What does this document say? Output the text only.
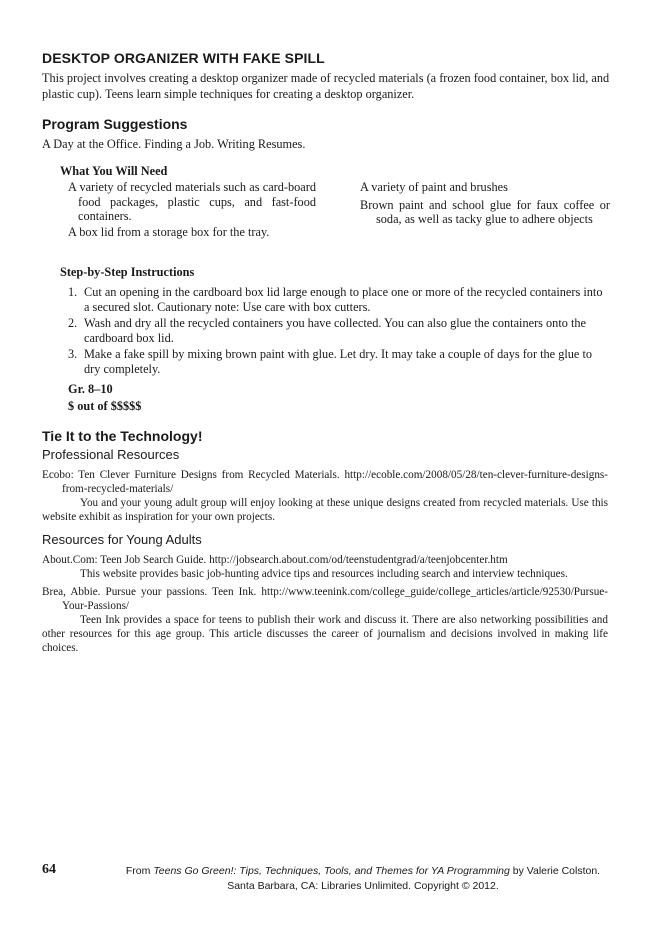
DESKTOP ORGANIZER WITH FAKE SPILL
This project involves creating a desktop organizer made of recycled materials (a frozen food container, box lid, and plastic cup). Teens learn simple techniques for creating a desktop organizer.
Program Suggestions
A Day at the Office. Finding a Job. Writing Resumes.
What You Will Need

A variety of recycled materials such as card-board food packages, plastic cups, and fast-food containers.

A box lid from a storage box for the tray.

A variety of paint and brushes

Brown paint and school glue for faux coffee or soda, as well as tacky glue to adhere objects

Step-by-Step Instructions
1. Cut an opening in the cardboard box lid large enough to place one or more of the recycled containers into a secured slot. Cautionary note: Use care with box cutters.
2. Wash and dry all the recycled containers you have collected. You can also glue the containers onto the cardboard box lid.
3. Make a fake spill by mixing brown paint with glue. Let dry. It may take a couple of days for the glue to dry completely.
Gr. 8–10
$ out of $$$$$
Tie It to the Technology!
Professional Resources
Ecobo: Ten Clever Furniture Designs from Recycled Materials. http://ecoble.com/2008/05/28/ten-clever-furniture-designs-from-recycled-materials/
You and your young adult group will enjoy looking at these unique designs created from recycled materials. Use this website exhibit as inspiration for your own projects.
Resources for Young Adults
About.Com: Teen Job Search Guide. http://jobsearch.about.com/od/teenstudentgrad/a/teenjobcenter.htm
This website provides basic job-hunting advice tips and resources including search and interview techniques.
Brea, Abbie. Pursue your passions. Teen Ink. http://www.teenink.com/college_guide/college_articles/article/92530/Pursue-Your-Passions/
Teen Ink provides a space for teens to publish their work and discuss it. There are also networking possibilities and other resources for this age group. This article discusses the career of journalism and decisions involved in making life choices.
64	From Teens Go Green!: Tips, Techniques, Tools, and Themes for YA Programming by Valerie Colston.
Santa Barbara, CA: Libraries Unlimited. Copyright © 2012.
